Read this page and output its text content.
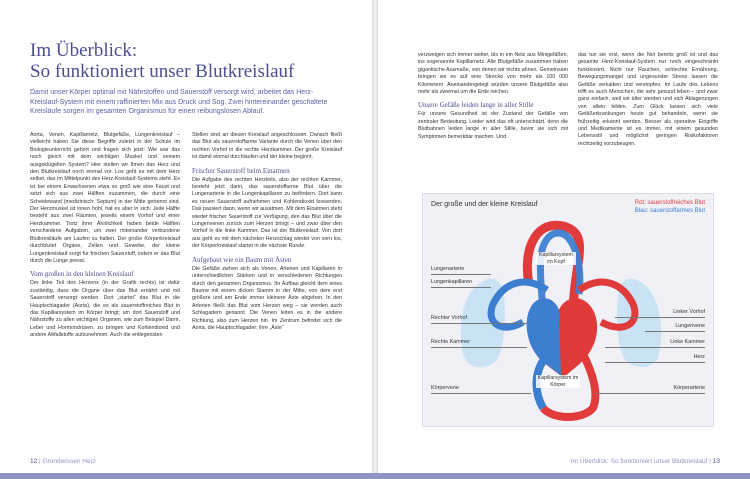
Im Überblick:
So funktioniert unser Blutkreislauf
Damit unser Körper optimal mit Nährstoffen und Sauerstoff versorgt wird, arbeitet das Herz-Kreislauf-System mit einem raffinierten Mix aus Druck und Sog. Zwei hintereinander geschaltete Kreisläufe sorgen im gesamten Organismus für einen reibungslosen Ablauf.

Aorta, Venen, Kapillarnetz, Blutgefäße, Lungenkreislauf – vielleicht haben Sie diese Begriffe zuletzt in der Schule im Biologieunterricht gehört und fragen sich jetzt: Wie war das noch gleich mit dem wichtigen Muskel und seinem ausgeklügelten System? Hier stellen wir Ihnen das Herz und den Blutkreislauf noch einmal vor. Los geht es mit dem Herz selbst, das im Mittelpunkt des Herz-Kreislauf-Systems steht. Es ist bei einem Erwachsenen etwa so groß wie eine Faust und setzt sich aus zwei Hälften zusammen, die durch eine Scheidewand (medizinisch: Septum) in der Mitte getrennt sind. Der Herzmuskel ist innen hohl, hat es aber in sich: Jede Hälfte besteht aus zwei Räumen, jeweils einem Vorhof und einer Herzkammer. Trotz ihrer Ähnlichkeit haben beide Hälften verschiedene Aufgaben, um zwei miteinander verbundene Blutkreisläufe am Laufen zu halten. Der große Körperkreislauf durchblutet Organe, Zellen und Gewebe, der kleine Lungenkreislauf sorgt für frischen Sauerstoff, indem er das Blut durch die Lunge presst.

Vom großen in den kleinen Kreislauf

Der linke Teil des Herzens (in der Grafik rechts) ist dafür zuständig, dass die Organe über das Blut ernährt und mit Sauerstoff versorgt werden. Dort „startet“ das Blut in die Hauptschlagader (Aorta), die es als sauerstoffreiches Blut in das Kapillarsystem im Körper bringt; um dort Sauerstoff und Nährstoffe zu allen wichtigen Organen, wie zum Beispiel Darm, Leber und Hormondrüsen, zu bringen und Kohlendioxid und andere Abfallstoffe aufzunehmen. Auch die entlegensten

Stellen sind an diesen Kreislauf angeschlossen. Danach fließt das Blut als sauerstoffarme Variante durch die Venen über den rechten Vorhof in die rechte Herzkammer. Der große Kreislauf ist damit einmal durchlaufen und der kleine beginnt.

Frischer Sauerstoff beim Einatmen

Die Aufgabe des rechten Herzteils, also der rechten Kammer, besteht jetzt darin, das sauerstoffarme Blut über die Lungenarterie in die Lungenkapillaren zu befördern. Dort kann es neuen Sauerstoff aufnehmen und Kohlendioxid loswerden. Das passiert dann, wenn wir ausatmen. Mit dem Einatmen steht wieder frischer Sauerstoff zur Verfügung, den das Blut über die Lungenvenen zurück zum Herzen bringt – und zwar über den Vorhof in die linke Kammer. Das ist der Blutkreislauf. Von dort aus geht es mit dem nächsten Herzschlag wieder von vorn los, der Körperkreislauf startet in die nächste Runde.

Aufgebaut wie ein Baum mit Ästen

Die Gefäße ziehen sich als Venen, Arterien und Kapillaren in unterschiedlichen Stärken und in verschiedenen Richtungen durch den gesamten Organismus. Ihr Aufbau gleicht dem eines Baume mit einem dicken Stamm in der Mitte, von dem erst größere und am Ende immer kleinere Äste abgehen. In den Arterien fließt das Blut vom Herzen weg – sie werden auch Schlagadern genannt. Die Venen leiten es in die andere Richtung, also zum Herzen hin. Im Zentrum befindet sich die Aorta, die Hauptschlagader; ihre „Äste“

12 | Grundwissen Herz

verzweigen sich immer weiter, bis in ein Netz aus Minigefäßen, ins sogenannte Kapillarnetz. Alle Blutgefäße zusammen haben gigantische Ausmaße, von denen wir nichts ahnen. Gemeinsam bringen sie es auf eine Strecke von mehr als 100 000 Kilometern. Aneinandergelegt würden unsere Blutgefäße also mehr als zweimal um die Erde reichen.

Unsere Gefäße leiden lange in aller Stille

Für unsere Gesundheit ist der Zustand der Gefäße von zentraler Bedeutung. Leider wird das oft unterschätzt, denn die Blutbahnen leiden lange in aller Stille, bevor sie sich mit Symptomen bemerkbar machen. Und

das tun sie erst, wenn die Not bereits groß ist und das gesamte Herz-Kreislauf-System nur noch eingeschränkt funktioniert. Nicht nur Rauchen, schlechte Ernährung, Bewegungsmangel und ungesunder Stress lassen die Gefäße verkalken und verstopfen. Im Laufe des Lebens trifft es auch Menschen, die sehr gesund leben – und zwar ganz einfach, weil wir älter werden und sich Ablagerungen von allein bilden. Zum Glück lassen sich viele Gefäßerkrankungen heute gut behandeln, wenn sie frühzeitig erkannt werden. Besser als operative Eingriffe und Medikamente ist es immer, mit einem gesunden Lebensstil und möglichst geringen Risikofaktoren rechtzeitig vorzubeugen.

Der große und der kleine Kreislauf	Rot: sauerstoffreiches Blut
Blau: sauerstoffarmes Blut
Kapillarsystem im Kopf
Kapillarsystem im Körper
Lungenarterie
Lungenkapillaren
Rechter Vorhof
Rechte Kammer
Körpervene
Linker Vorhof
Lungenvene
Linke Kammer
Herz
Körperarterie
Im Überblick: So funktioniert unser Blutkreislauf | 13
